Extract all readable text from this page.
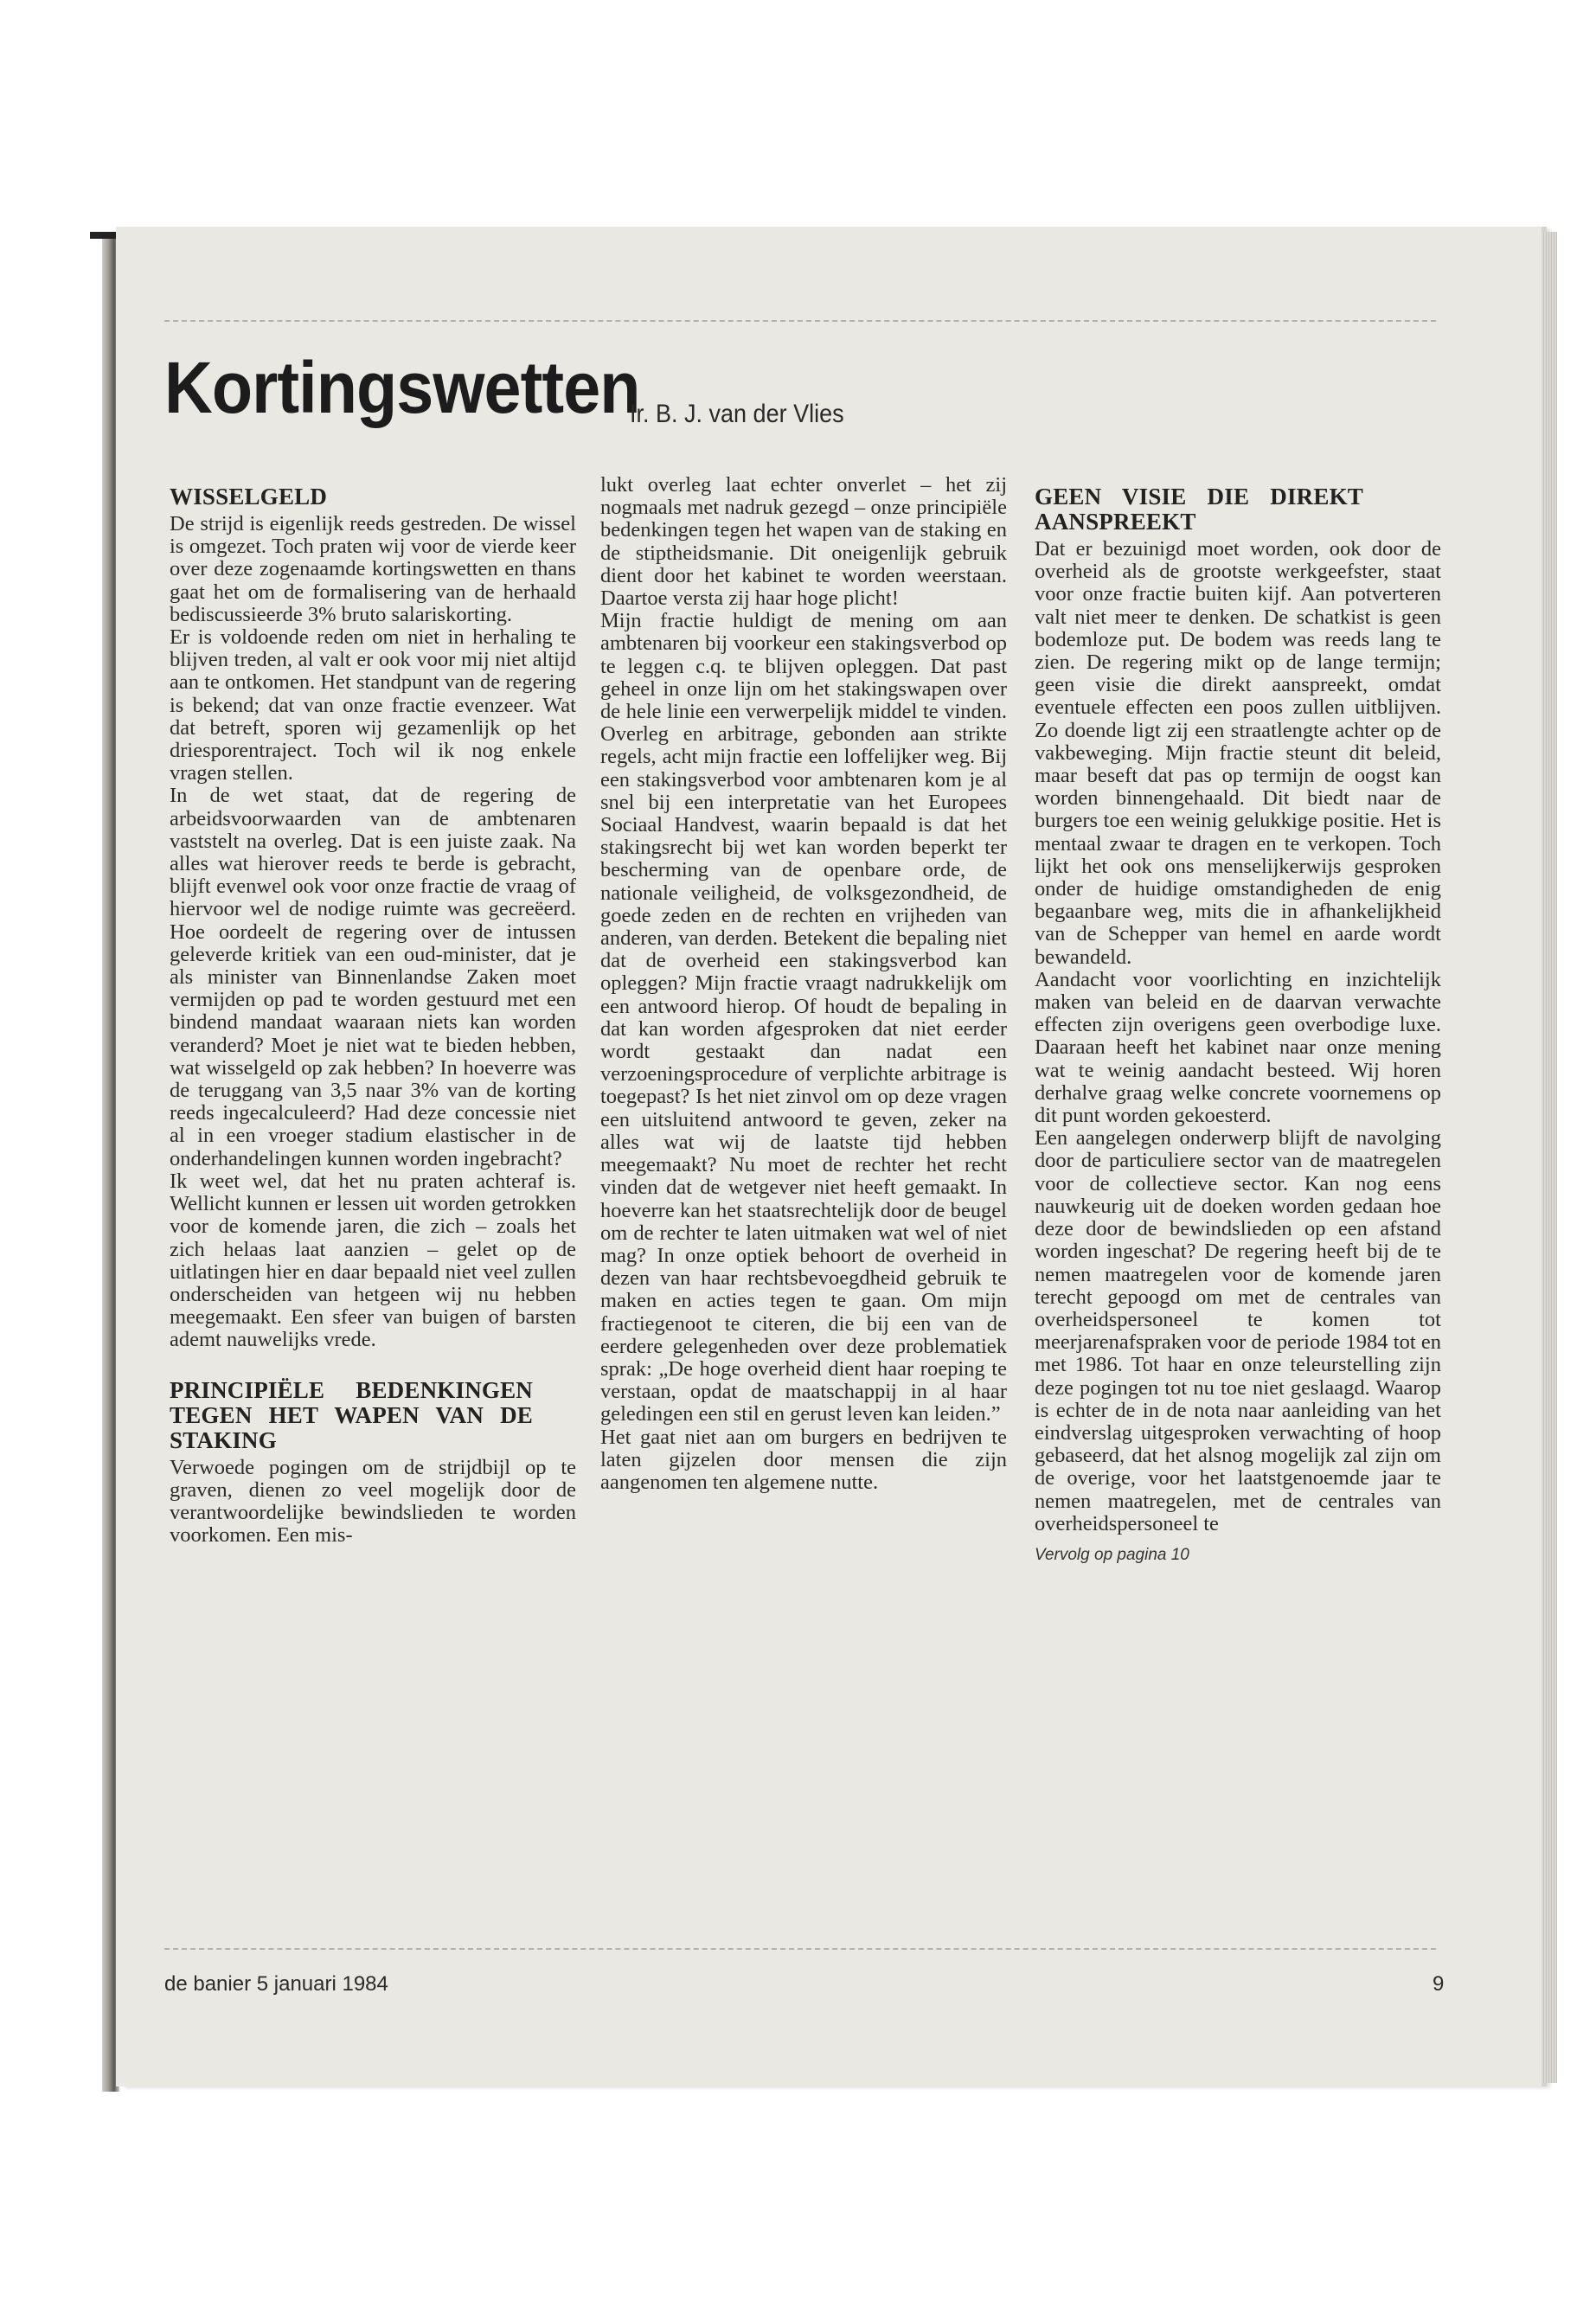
Kortingswetten
Ir. B. J. van der Vlies
WISSELGELD

De strijd is eigenlijk reeds gestreden. De wissel is omgezet. Toch praten wij voor de vierde keer over deze zogenaamde kortingswetten en thans gaat het om de formalisering van de herhaald bediscussieerde 3% bruto salariskorting.

Er is voldoende reden om niet in herhaling te blijven treden, al valt er ook voor mij niet altijd aan te ontkomen. Het standpunt van de regering is bekend; dat van onze fractie evenzeer. Wat dat betreft, sporen wij gezamenlijk op het driesporentraject. Toch wil ik nog enkele vragen stellen.

In de wet staat, dat de regering de arbeidsvoorwaarden van de ambtenaren vaststelt na overleg. Dat is een juiste zaak. Na alles wat hierover reeds te berde is gebracht, blijft evenwel ook voor onze fractie de vraag of hiervoor wel de nodige ruimte was gecreëerd. Hoe oordeelt de regering over de intussen geleverde kritiek van een oud-minister, dat je als minister van Binnenlandse Zaken moet vermijden op pad te worden gestuurd met een bindend mandaat waaraan niets kan worden veranderd? Moet je niet wat te bieden hebben, wat wisselgeld op zak hebben? In hoeverre was de teruggang van 3,5 naar 3% van de korting reeds ingecalculeerd? Had deze concessie niet al in een vroeger stadium elastischer in de onderhandelingen kunnen worden ingebracht?

Ik weet wel, dat het nu praten achteraf is. Wellicht kunnen er lessen uit worden getrokken voor de komende jaren, die zich – zoals het zich helaas laat aanzien – gelet op de uitlatingen hier en daar bepaald niet veel zullen onderscheiden van hetgeen wij nu hebben meegemaakt. Een sfeer van buigen of barsten ademt nauwelijks vrede.

PRINCIPIËLE BEDENKINGEN TEGEN HET WAPEN VAN DE STAKING

Verwoede pogingen om de strijdbijl op te graven, dienen zo veel mogelijk door de verantwoordelijke bewindslieden te worden voorkomen. Een mis-

lukt overleg laat echter onverlet – het zij nogmaals met nadruk gezegd – onze principiële bedenkingen tegen het wapen van de staking en de stiptheidsmanie. Dit oneigenlijk gebruik dient door het kabinet te worden weerstaan. Daartoe versta zij haar hoge plicht!

Mijn fractie huldigt de mening om aan ambtenaren bij voorkeur een stakingsverbod op te leggen c.q. te blijven opleggen. Dat past geheel in onze lijn om het stakingswapen over de hele linie een verwerpelijk middel te vinden. Overleg en arbitrage, gebonden aan strikte regels, acht mijn fractie een loffelijker weg. Bij een stakingsverbod voor ambtenaren kom je al snel bij een interpretatie van het Europees Sociaal Handvest, waarin bepaald is dat het stakingsrecht bij wet kan worden beperkt ter bescherming van de openbare orde, de nationale veiligheid, de volksgezondheid, de goede zeden en de rechten en vrijheden van anderen, van derden. Betekent die bepaling niet dat de overheid een stakingsverbod kan opleggen? Mijn fractie vraagt nadrukkelijk om een antwoord hierop. Of houdt de bepaling in dat kan worden afgesproken dat niet eerder wordt gestaakt dan nadat een verzoeningsprocedure of verplichte arbitrage is toegepast? Is het niet zinvol om op deze vragen een uitsluitend antwoord te geven, zeker na alles wat wij de laatste tijd hebben meegemaakt? Nu moet de rechter het recht vinden dat de wetgever niet heeft gemaakt. In hoeverre kan het staatsrechtelijk door de beugel om de rechter te laten uitmaken wat wel of niet mag? In onze optiek behoort de overheid in dezen van haar rechtsbevoegdheid gebruik te maken en acties tegen te gaan. Om mijn fractiegenoot te citeren, die bij een van de eerdere gelegenheden over deze problematiek sprak: „De hoge overheid dient haar roeping te verstaan, opdat de maatschappij in al haar geledingen een stil en gerust leven kan leiden.”

Het gaat niet aan om burgers en bedrijven te laten gijzelen door mensen die zijn aangenomen ten algemene nutte.

GEEN VISIE DIE DIREKT AANSPREEKT

Dat er bezuinigd moet worden, ook door de overheid als de grootste werkgeefster, staat voor onze fractie buiten kijf. Aan potverteren valt niet meer te denken. De schatkist is geen bodemloze put. De bodem was reeds lang te zien. De regering mikt op de lange termijn; geen visie die direkt aanspreekt, omdat eventuele effecten een poos zullen uitblijven. Zo doende ligt zij een straatlengte achter op de vakbeweging. Mijn fractie steunt dit beleid, maar beseft dat pas op termijn de oogst kan worden binnengehaald. Dit biedt naar de burgers toe een weinig gelukkige positie. Het is mentaal zwaar te dragen en te verkopen. Toch lijkt het ook ons menselijkerwijs gesproken onder de huidige omstandigheden de enig begaanbare weg, mits die in afhankelijkheid van de Schepper van hemel en aarde wordt bewandeld.

Aandacht voor voorlichting en inzichtelijk maken van beleid en de daarvan verwachte effecten zijn overigens geen overbodige luxe. Daaraan heeft het kabinet naar onze mening wat te weinig aandacht besteed. Wij horen derhalve graag welke concrete voornemens op dit punt worden gekoesterd.

Een aangelegen onderwerp blijft de navolging door de particuliere sector van de maatregelen voor de collectieve sector. Kan nog eens nauwkeurig uit de doeken worden gedaan hoe deze door de bewindslieden op een afstand worden ingeschat? De regering heeft bij de te nemen maatregelen voor de komende jaren terecht gepoogd om met de centrales van overheidspersoneel te komen tot meerjarenafspraken voor de periode 1984 tot en met 1986. Tot haar en onze teleurstelling zijn deze pogingen tot nu toe niet geslaagd. Waarop is echter de in de nota naar aanleiding van het eindverslag uitgesproken verwachting of hoop gebaseerd, dat het alsnog mogelijk zal zijn om de overige, voor het laatstgenoemde jaar te nemen maatregelen, met de centrales van overheidspersoneel te

Vervolg op pagina 10
de banier 5 januari 1984	9
